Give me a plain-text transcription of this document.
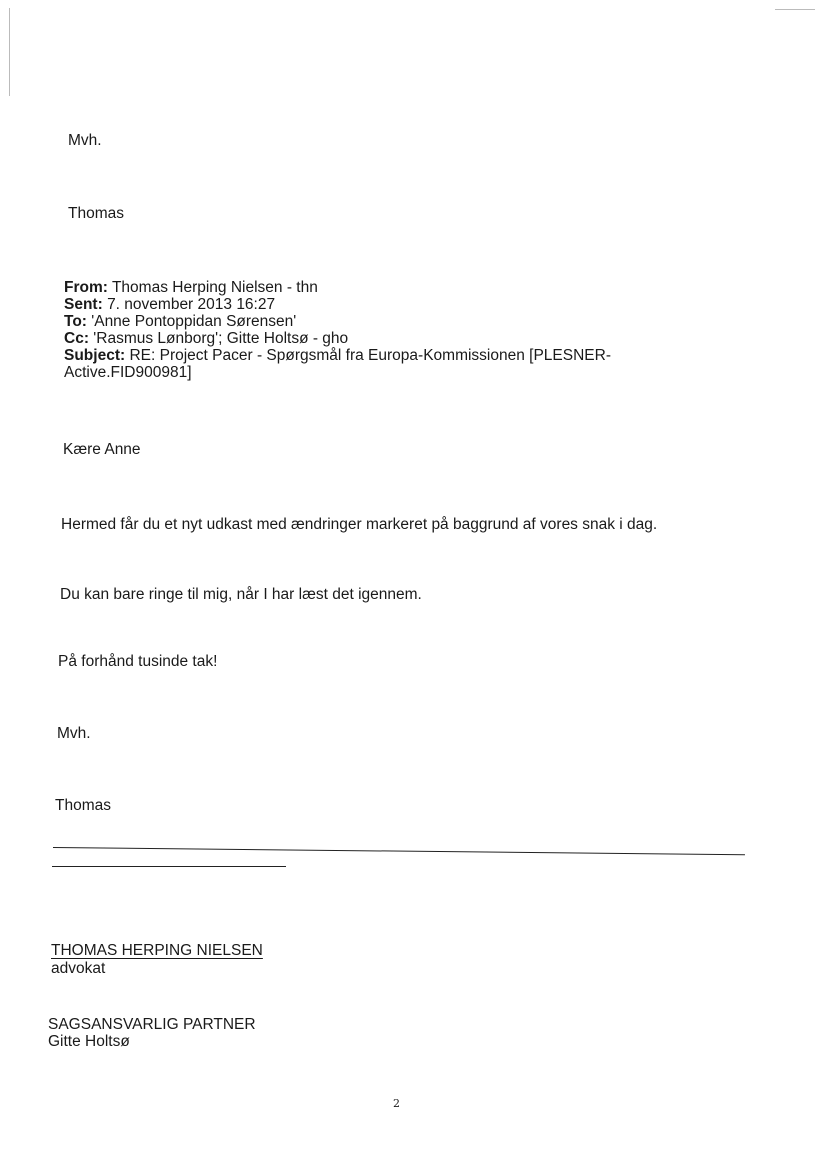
Mvh.
Thomas
From: Thomas Herping Nielsen - thn
Sent: 7. november 2013 16:27
To: 'Anne Pontoppidan Sørensen'
Cc: 'Rasmus Lønborg'; Gitte Holtsø - gho
Subject: RE: Project Pacer - Spørgsmål fra Europa-Kommissionen [PLESNER-
Active.FID900981]
Kære Anne
Hermed får du et nyt udkast med ændringer markeret på baggrund af vores snak i dag.
Du kan bare ringe til mig, når I har læst det igennem.
På forhånd tusinde tak!
Mvh.
Thomas
THOMAS HERPING NIELSEN
advokat
SAGSANSVARLIG PARTNER
Gitte Holtsø
2
